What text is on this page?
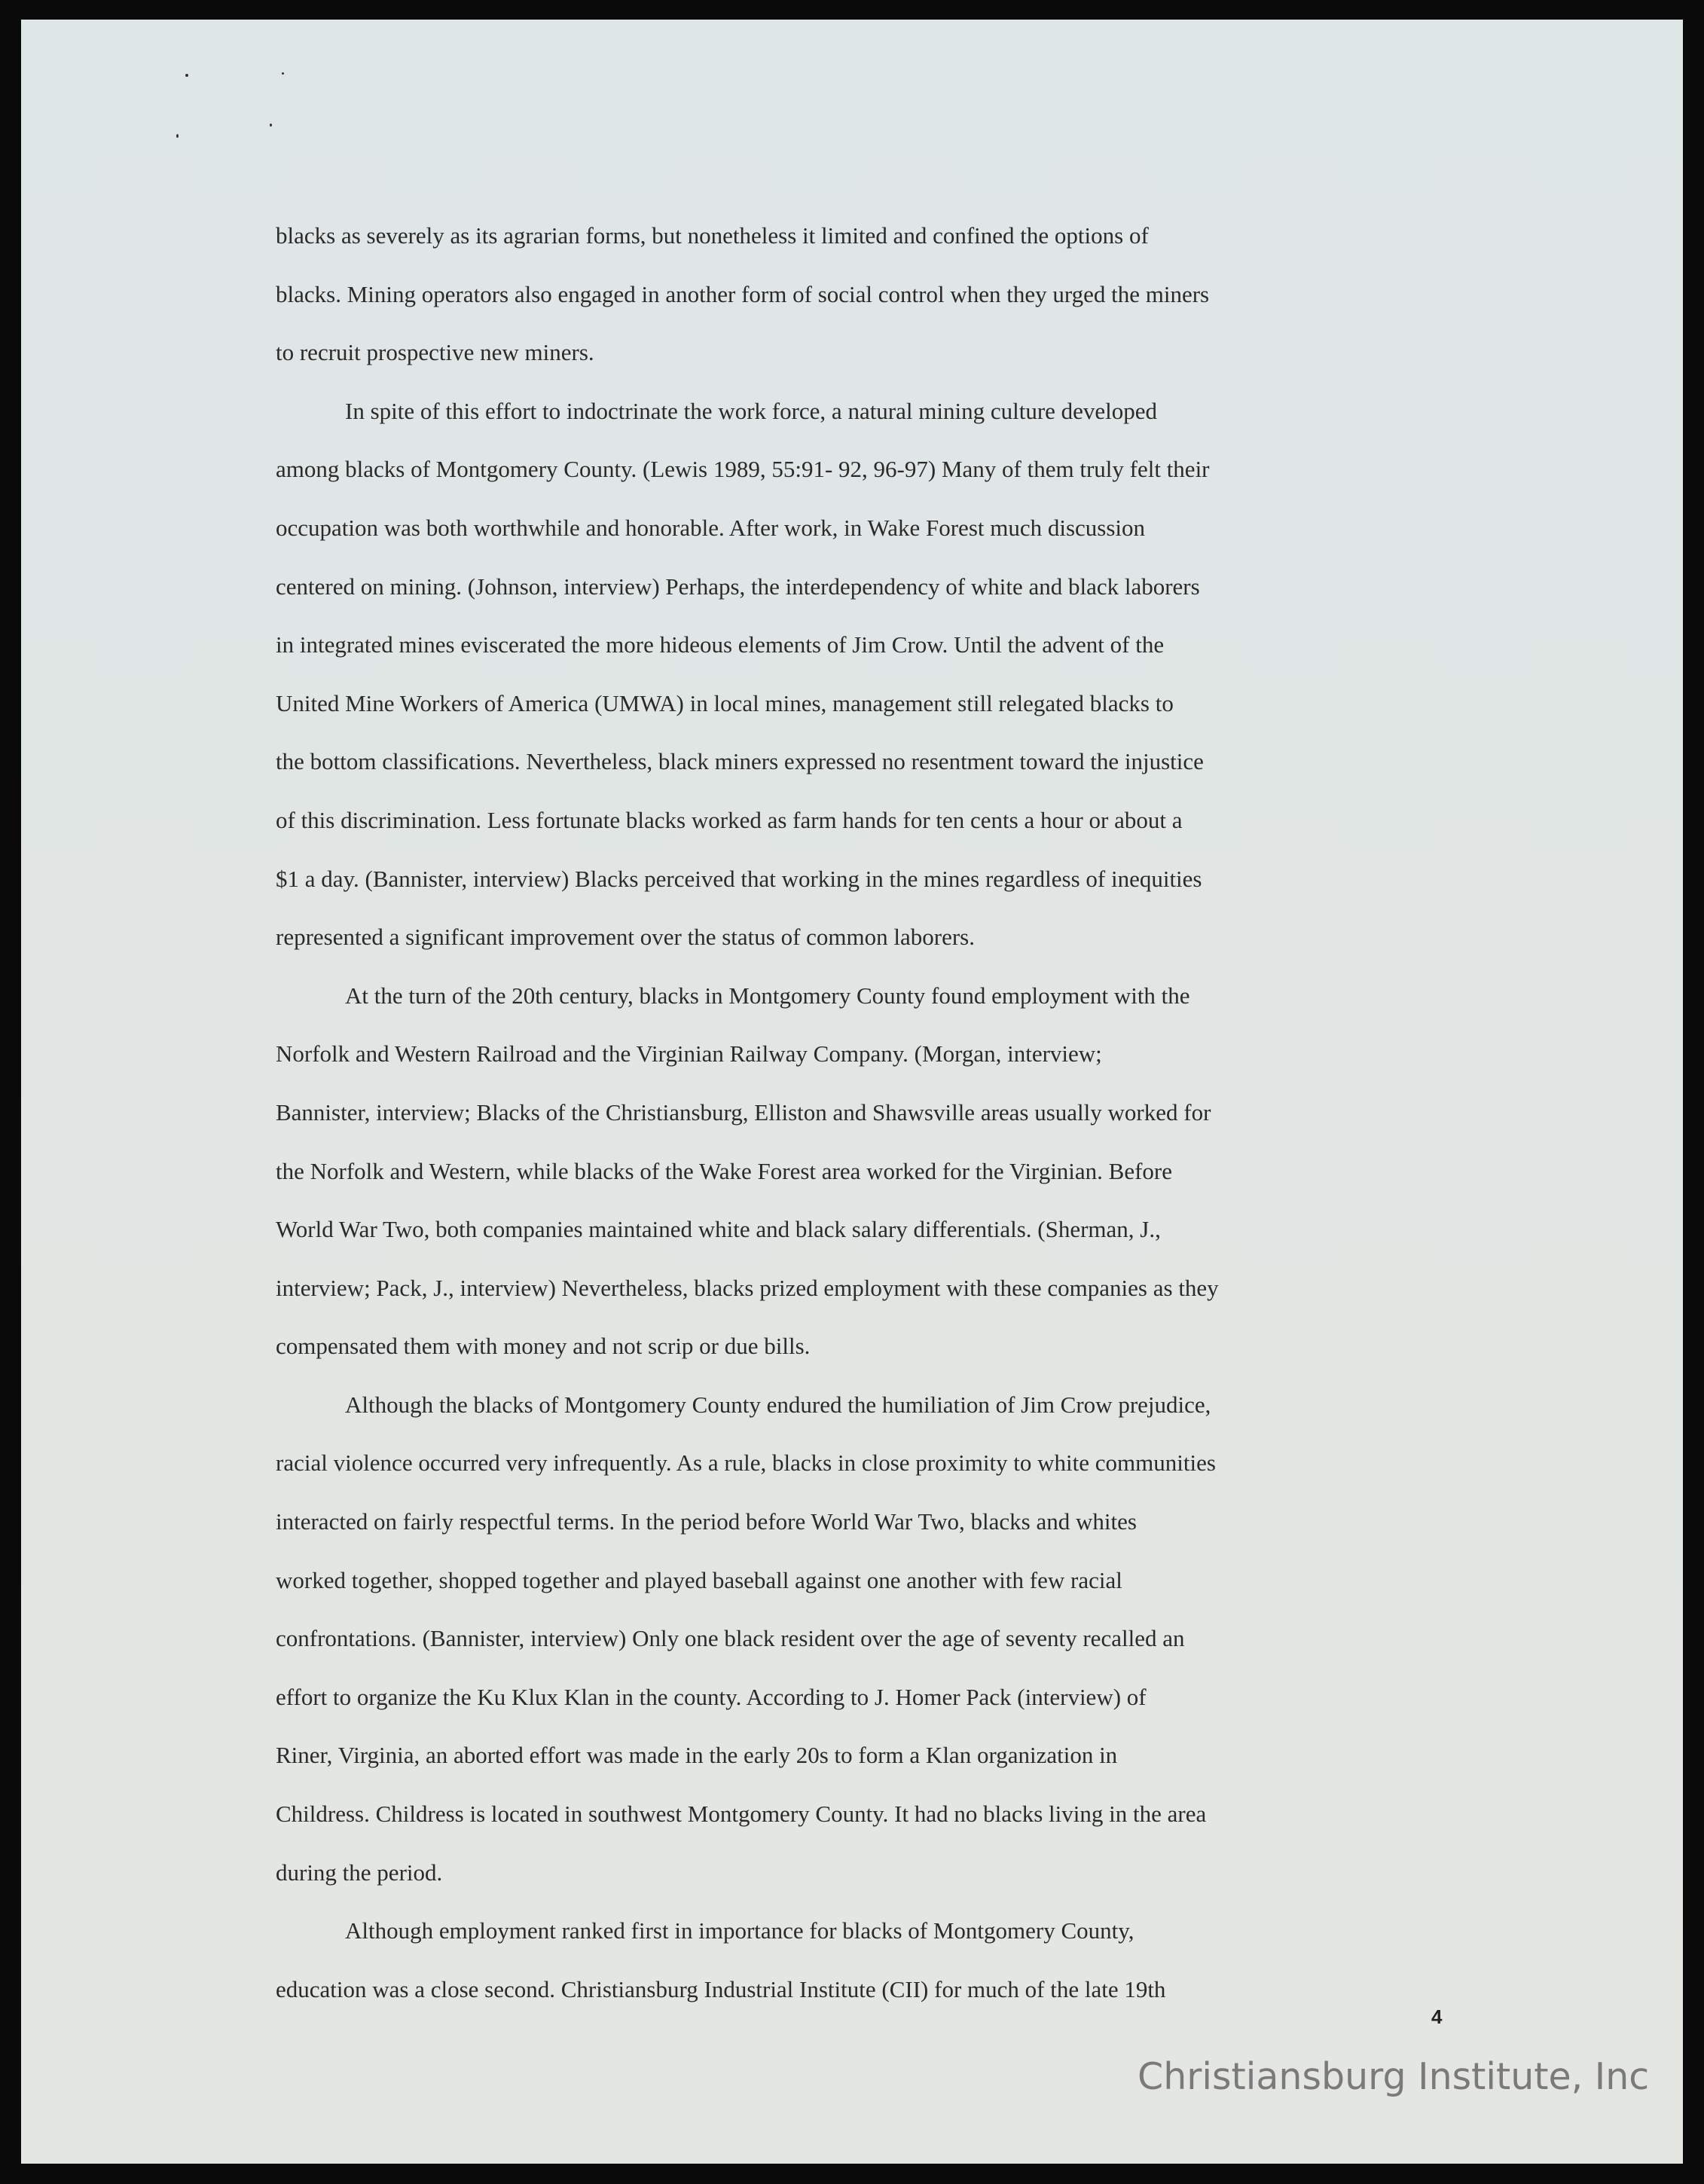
blacks as severely as its agrarian forms, but nonetheless it limited and confined the options of
blacks. Mining operators also engaged in another form of social control when they urged the miners
to recruit prospective new miners.
In spite of this effort to indoctrinate the work force, a natural mining culture developed
among blacks of Montgomery County. (Lewis 1989, 55:91- 92, 96-97) Many of them truly felt their
occupation was both worthwhile and honorable. After work, in Wake Forest much discussion
centered on mining. (Johnson, interview) Perhaps, the interdependency of white and black laborers
in integrated mines eviscerated the more hideous elements of Jim Crow. Until the advent of the
United Mine Workers of America (UMWA) in local mines, management still relegated blacks to
the bottom classifications. Nevertheless, black miners expressed no resentment toward the injustice
of this discrimination. Less fortunate blacks worked as farm hands for ten cents a hour or about a
$1 a day. (Bannister, interview) Blacks perceived that working in the mines regardless of inequities
represented a significant improvement over the status of common laborers.
At the turn of the 20th century, blacks in Montgomery County found employment with the
Norfolk and Western Railroad and the Virginian Railway Company. (Morgan, interview;
Bannister, interview; Blacks of the Christiansburg, Elliston and Shawsville areas usually worked for
the Norfolk and Western, while blacks of the Wake Forest area worked for the Virginian. Before
World War Two, both companies maintained white and black salary differentials. (Sherman, J.,
interview; Pack, J., interview) Nevertheless, blacks prized employment with these companies as they
compensated them with money and not scrip or due bills.
Although the blacks of Montgomery County endured the humiliation of Jim Crow prejudice,
racial violence occurred very infrequently. As a rule, blacks in close proximity to white communities
interacted on fairly respectful terms. In the period before World War Two, blacks and whites
worked together, shopped together and played baseball against one another with few racial
confrontations. (Bannister, interview) Only one black resident over the age of seventy recalled an
effort to organize the Ku Klux Klan in the county. According to J. Homer Pack (interview) of
Riner, Virginia, an aborted effort was made in the early 20s to form a Klan organization in
Childress. Childress is located in southwest Montgomery County. It had no blacks living in the area
during the period.
Although employment ranked first in importance for blacks of Montgomery County,
education was a close second. Christiansburg Industrial Institute (CII) for much of the late 19th
4
Christiansburg Institute, Inc
